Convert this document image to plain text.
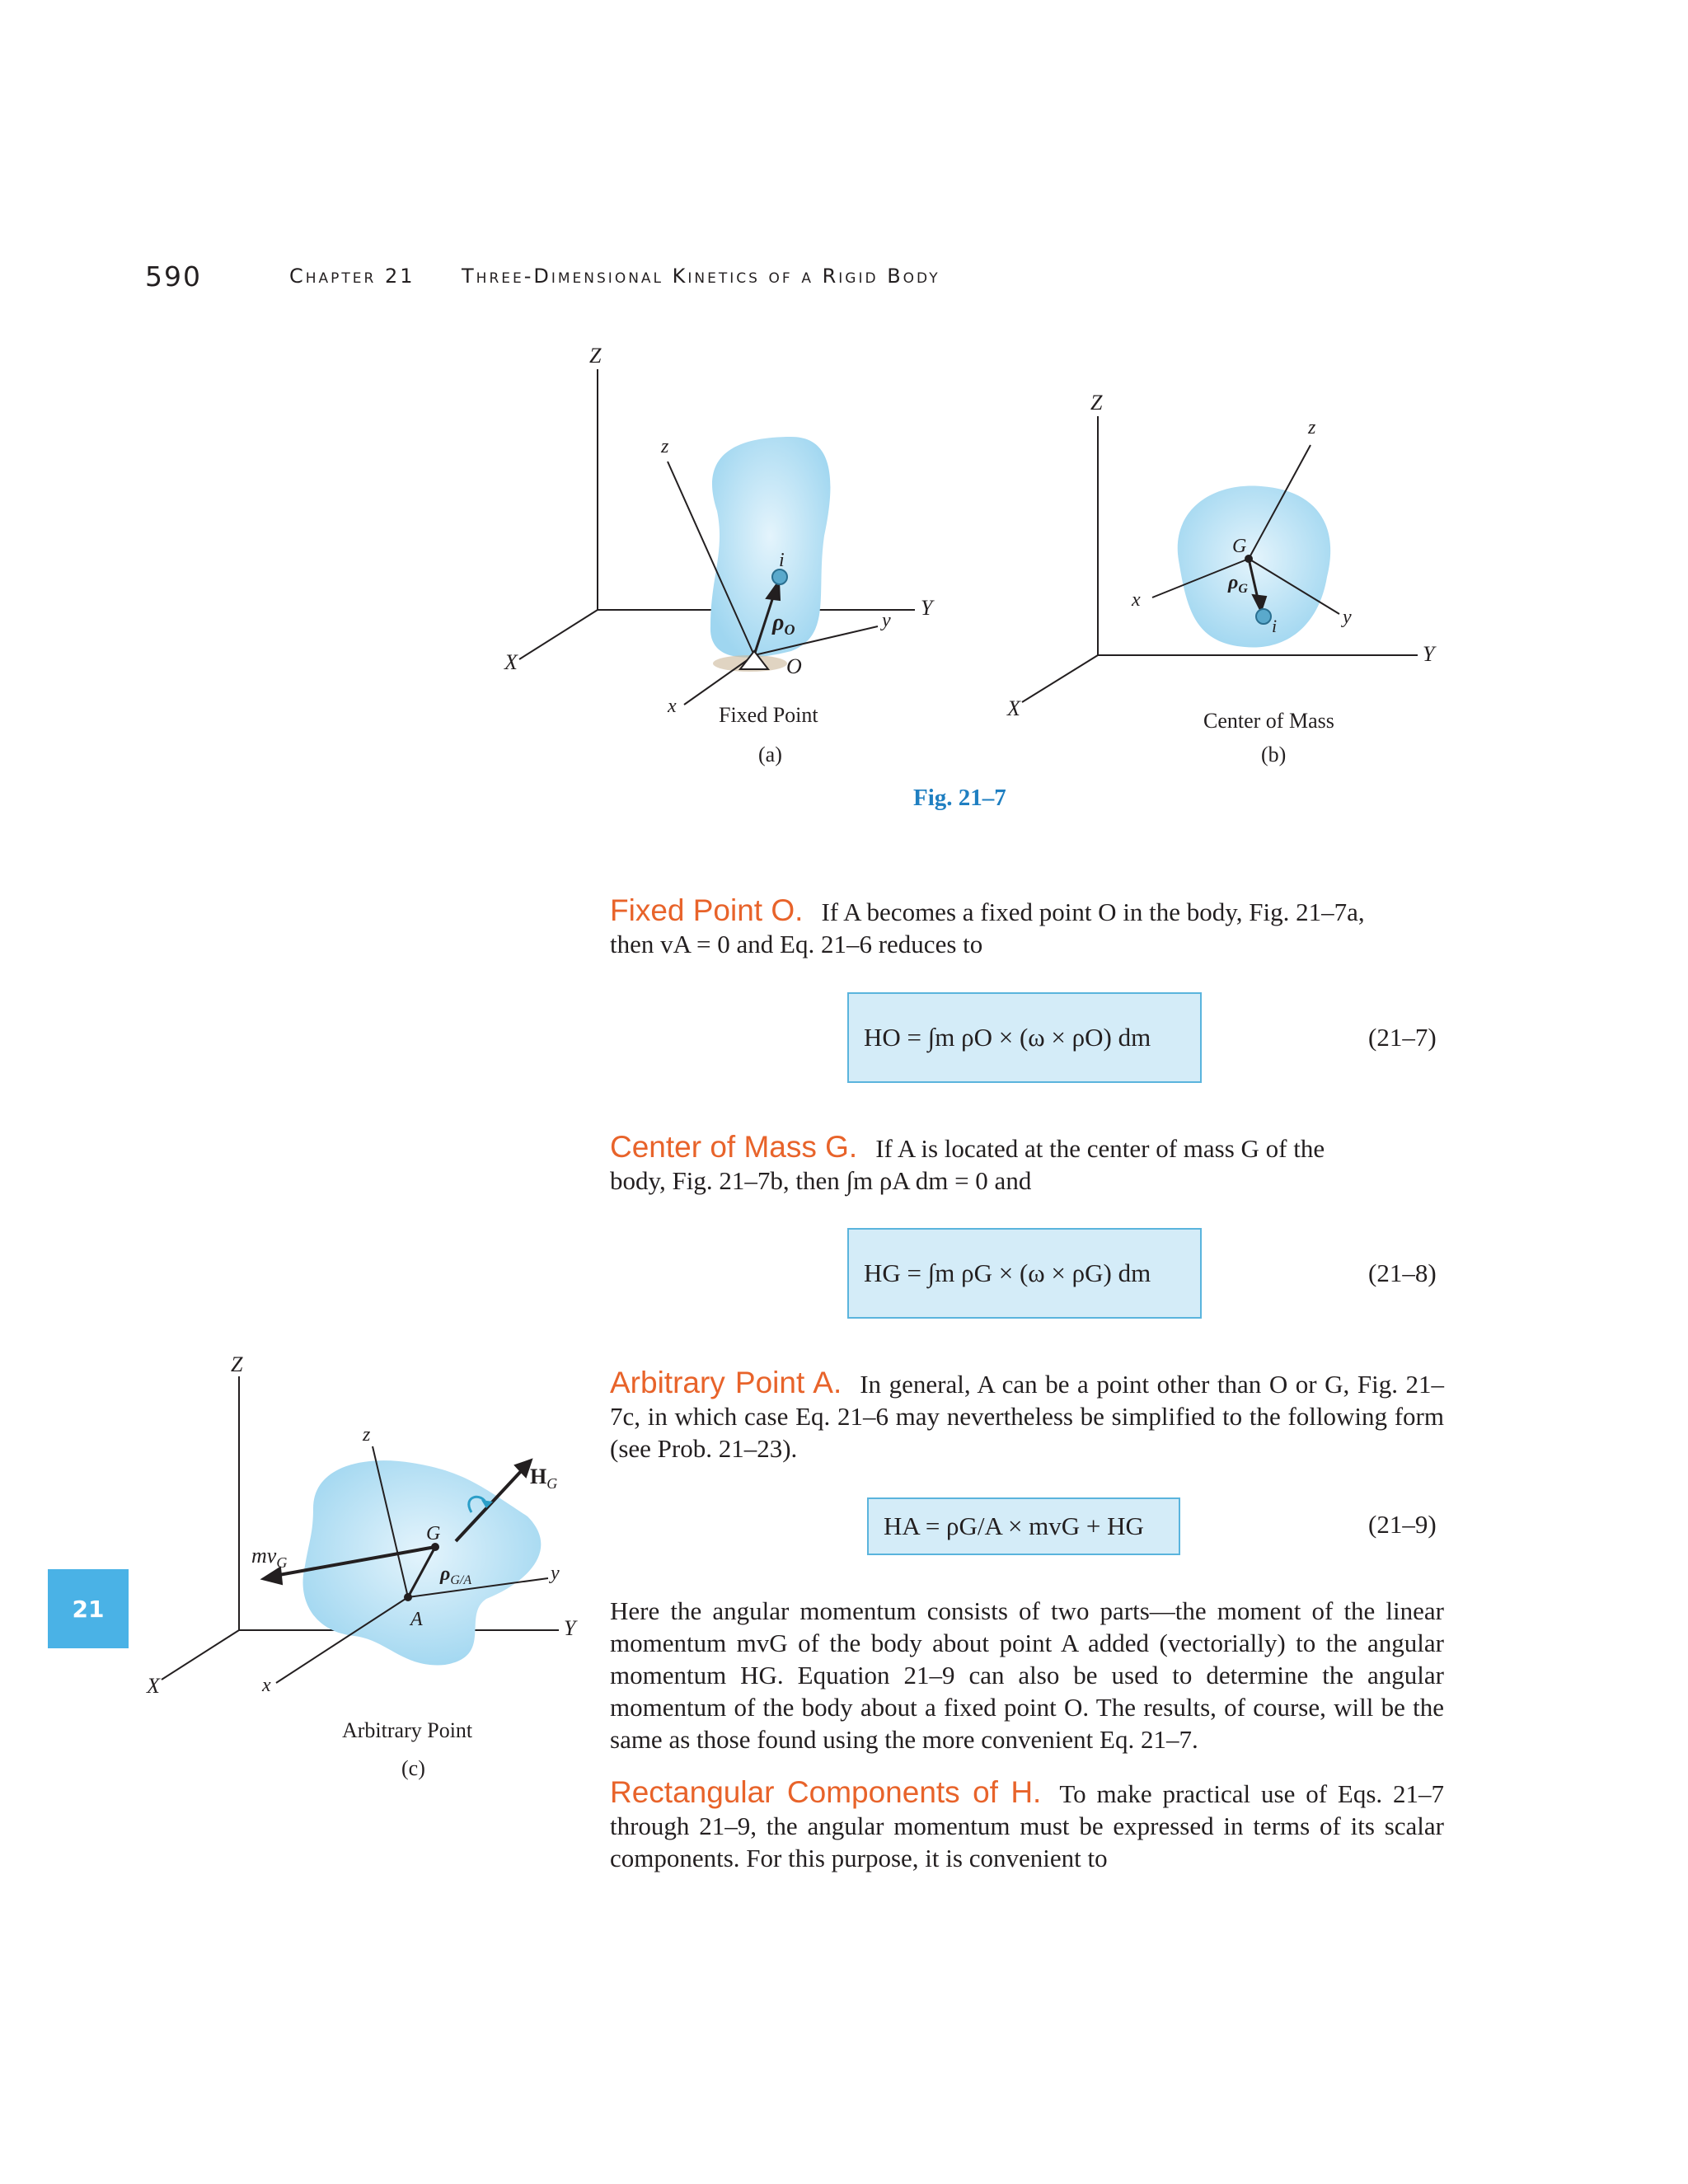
590	Chapter 21 Three-Dimensional Kinetics of a Rigid Body
Z
X
Y
z
y
x
O
i
$\rho_O$
Fixed Point
(a)
Z
X
Y
z
y
x
G
i
$\rho_G$
Center of Mass
(b)
Fig. 21–7
Z
X
Y
z
y
x
G
A
$H_G$
$mv_G$
$\rho_{G/A}$
Arbitrary Point
(c)
21
Fixed Point O. If A becomes a fixed point O in the body, Fig. 21–7a,
then vA = 0 and Eq. 21–6 reduces to
HO = ∫m ρO × (ω × ρO) dm	(21–7)
Center of Mass G. If A is located at the center of mass G of the
body, Fig. 21–7b, then ∫m ρA dm = 0 and
HG = ∫m ρG × (ω × ρG) dm	(21–8)
Arbitrary Point A. In general, A can be a point other than O or G, Fig. 21–7c, in which case Eq. 21–6 may nevertheless be simplified to the following form (see Prob. 21–23).
HA = ρG/A × mvG + HG	(21–9)
Here the angular momentum consists of two parts—the moment of the linear momentum mvG of the body about point A added (vectorially) to the angular momentum HG. Equation 21–9 can also be used to determine the angular momentum of the body about a fixed point O. The results, of course, will be the same as those found using the more convenient Eq. 21–7.
Rectangular Components of H. To make practical use of Eqs. 21–7 through 21–9, the angular momentum must be expressed in terms of its scalar components. For this purpose, it is convenient to
